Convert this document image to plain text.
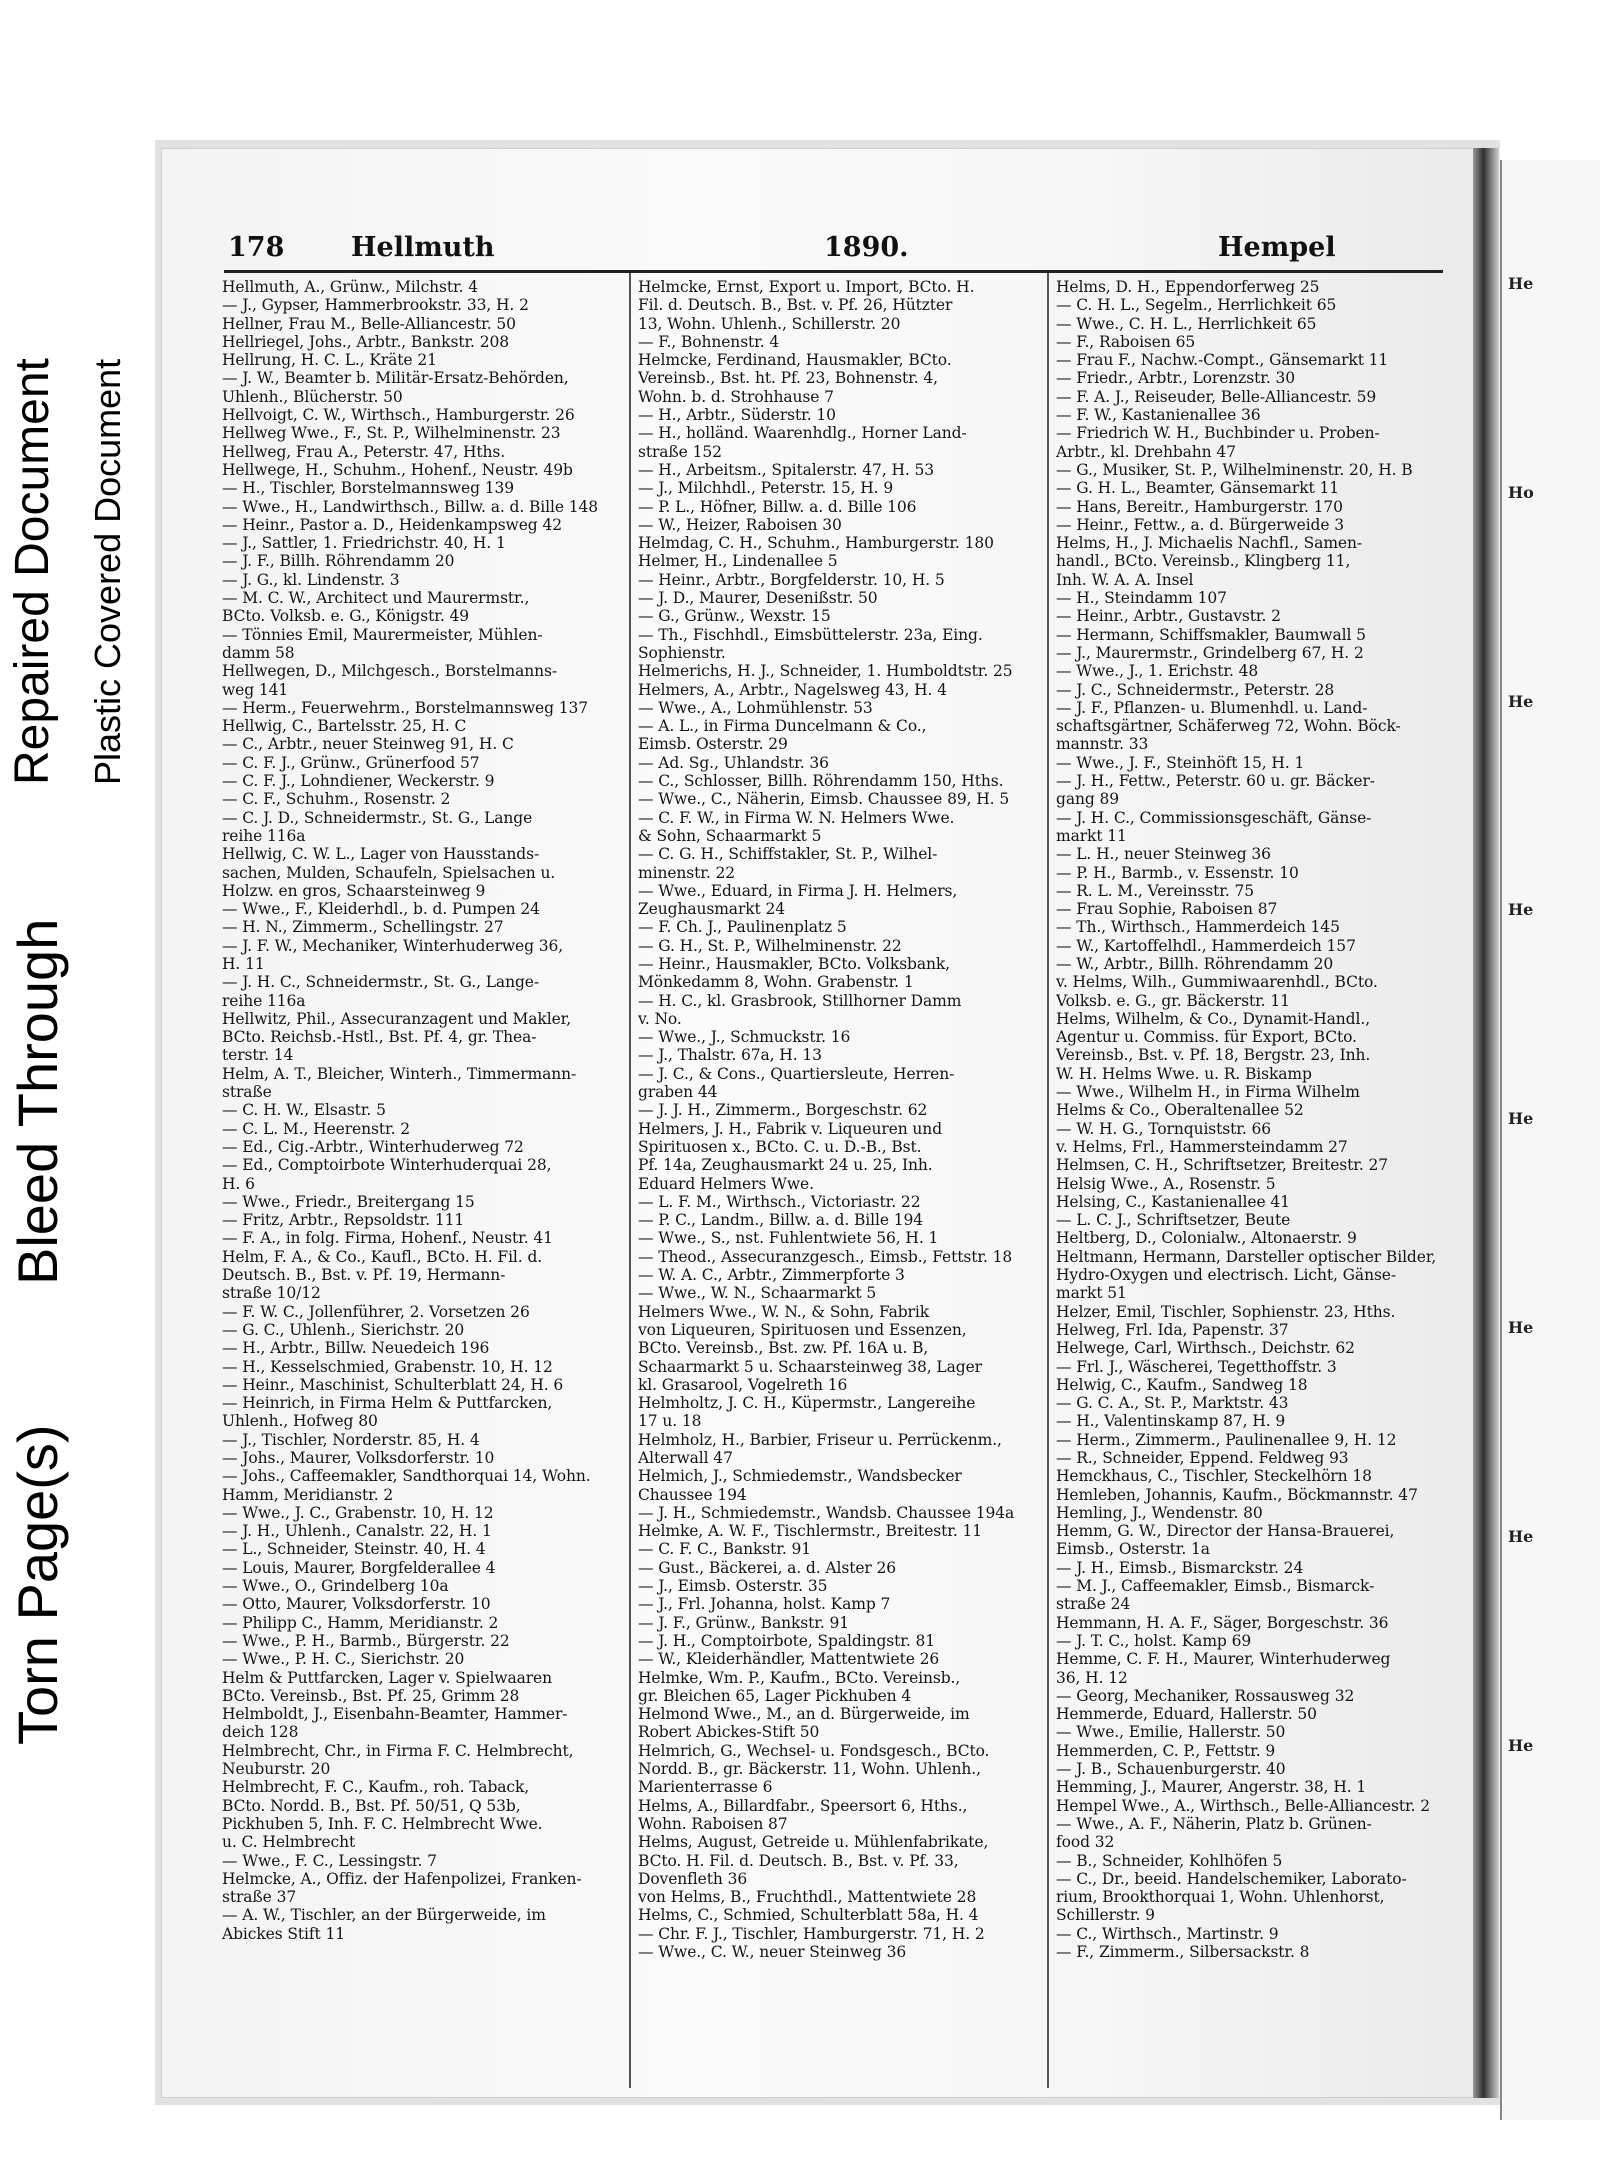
Torn Page(s)
Bleed Through
Repaired Document Plastic Covered Document
178 Hellmuth	1890.	Hempel
Hellmuth, A., Grünw., Milchstr. 4
— J., Gypser, Hammerbrookstr. 33, H. 2
Hellner, Frau M., Belle-Alliancestr. 50
Hellriegel, Johs., Arbtr., Bankstr. 208
Hellrung, H. C. L., Kräte 21
— J. W., Beamter b. Militär-Ersatz-Behörden,
Uhlenh., Blücherstr. 50
Hellvoigt, C. W., Wirthsch., Hamburgerstr. 26
Hellweg Wwe., F., St. P., Wilhelminenstr. 23
Hellweg, Frau A., Peterstr. 47, Hths.
Hellwege, H., Schuhm., Hohenf., Neustr. 49b
— H., Tischler, Borstelmannsweg 139
— Wwe., H., Landwirthsch., Billw. a. d. Bille 148
— Heinr., Pastor a. D., Heidenkampsweg 42
— J., Sattler, 1. Friedrichstr. 40, H. 1
— J. F., Billh. Röhrendamm 20
— J. G., kl. Lindenstr. 3
— M. C. W., Architect und Maurermstr.,
BCto. Volksb. e. G., Königstr. 49
— Tönnies Emil, Maurermeister, Mühlen-
damm 58
Hellwegen, D., Milchgesch., Borstelmanns-
weg 141
— Herm., Feuerwehrm., Borstelmannsweg 137
Hellwig, C., Bartelsstr. 25, H. C
— C., Arbtr., neuer Steinweg 91, H. C
— C. F. J., Grünw., Grünerfood 57
— C. F. J., Lohndiener, Weckerstr. 9
— C. F., Schuhm., Rosenstr. 2
— C. J. D., Schneidermstr., St. G., Lange
reihe 116a
Hellwig, C. W. L., Lager von Hausstands-
sachen, Mulden, Schaufeln, Spielsachen u.
Holzw. en gros, Schaarsteinweg 9
— Wwe., F., Kleiderhdl., b. d. Pumpen 24
— H. N., Zimmerm., Schellingstr. 27
— J. F. W., Mechaniker, Winterhuderweg 36,
H. 11
— J. H. C., Schneidermstr., St. G., Lange-
reihe 116a
Hellwitz, Phil., Assecuranzagent und Makler,
BCto. Reichsb.-Hstl., Bst. Pf. 4, gr. Thea-
terstr. 14
Helm, A. T., Bleicher, Winterh., Timmermann-
straße
— C. H. W., Elsastr. 5
— C. L. M., Heerenstr. 2
— Ed., Cig.-Arbtr., Winterhuderweg 72
— Ed., Comptoirbote Winterhuderquai 28,
H. 6
— Wwe., Friedr., Breitergang 15
— Fritz, Arbtr., Repsoldstr. 111
— F. A., in folg. Firma, Hohenf., Neustr. 41
Helm, F. A., & Co., Kaufl., BCto. H. Fil. d.
Deutsch. B., Bst. v. Pf. 19, Hermann-
straße 10/12
— F. W. C., Jollenführer, 2. Vorsetzen 26
— G. C., Uhlenh., Sierichstr. 20
— H., Arbtr., Billw. Neuedeich 196
— H., Kesselschmied, Grabenstr. 10, H. 12
— Heinr., Maschinist, Schulterblatt 24, H. 6
— Heinrich, in Firma Helm & Puttfarcken,
Uhlenh., Hofweg 80
— J., Tischler, Norderstr. 85, H. 4
— Johs., Maurer, Volksdorferstr. 10
— Johs., Caffeemakler, Sandthorquai 14, Wohn.
Hamm, Meridianstr. 2
— Wwe., J. C., Grabenstr. 10, H. 12
— J. H., Uhlenh., Canalstr. 22, H. 1
— L., Schneider, Steinstr. 40, H. 4
— Louis, Maurer, Borgfelderallee 4
— Wwe., O., Grindelberg 10a
— Otto, Maurer, Volksdorferstr. 10
— Philipp C., Hamm, Meridianstr. 2
— Wwe., P. H., Barmb., Bürgerstr. 22
— Wwe., P. H. C., Sierichstr. 20
Helm & Puttfarcken, Lager v. Spielwaaren
BCto. Vereinsb., Bst. Pf. 25, Grimm 28
Helmboldt, J., Eisenbahn-Beamter, Hammer-
deich 128
Helmbrecht, Chr., in Firma F. C. Helmbrecht,
Neuburstr. 20
Helmbrecht, F. C., Kaufm., roh. Taback,
BCto. Nordd. B., Bst. Pf. 50/51, Q 53b,
Pickhuben 5, Inh. F. C. Helmbrecht Wwe.
u. C. Helmbrecht
— Wwe., F. C., Lessingstr. 7
Helmcke, A., Offiz. der Hafenpolizei, Franken-
straße 37
— A. W., Tischler, an der Bürgerweide, im
Abickes Stift 11
Helmcke, Ernst, Export u. Import, BCto. H.
Fil. d. Deutsch. B., Bst. v. Pf. 26, Hützter
13, Wohn. Uhlenh., Schillerstr. 20
— F., Bohnenstr. 4
Helmcke, Ferdinand, Hausmakler, BCto.
Vereinsb., Bst. ht. Pf. 23, Bohnenstr. 4,
Wohn. b. d. Strohhause 7
— H., Arbtr., Süderstr. 10
— H., holländ. Waarenhdlg., Horner Land-
straße 152
— H., Arbeitsm., Spitalerstr. 47, H. 53
— J., Milchhdl., Peterstr. 15, H. 9
— P. L., Höfner, Billw. a. d. Bille 106
— W., Heizer, Raboisen 30
Helmdag, C. H., Schuhm., Hamburgerstr. 180
Helmer, H., Lindenallee 5
— Heinr., Arbtr., Borgfelderstr. 10, H. 5
— J. D., Maurer, Desenißstr. 50
— G., Grünw., Wexstr. 15
— Th., Fischhdl., Eimsbüttelerstr. 23a, Eing.
Sophienstr.
Helmerichs, H. J., Schneider, 1. Humboldtstr. 25
Helmers, A., Arbtr., Nagelsweg 43, H. 4
— Wwe., A., Lohmühlenstr. 53
— A. L., in Firma Duncelmann & Co.,
Eimsb. Osterstr. 29
— Ad. Sg., Uhlandstr. 36
— C., Schlosser, Billh. Röhrendamm 150, Hths.
— Wwe., C., Näherin, Eimsb. Chaussee 89, H. 5
— C. F. W., in Firma W. N. Helmers Wwe.
& Sohn, Schaarmarkt 5
— C. G. H., Schiffstakler, St. P., Wilhel-
minenstr. 22
— Wwe., Eduard, in Firma J. H. Helmers,
Zeughausmarkt 24
— F. Ch. J., Paulinenplatz 5
— G. H., St. P., Wilhelminenstr. 22
— Heinr., Hausmakler, BCto. Volksbank,
Mönkedamm 8, Wohn. Grabenstr. 1
— H. C., kl. Grasbrook, Stillhorner Damm
v. No.
— Wwe., J., Schmuckstr. 16
— J., Thalstr. 67a, H. 13
— J. C., & Cons., Quartiersleute, Herren-
graben 44
— J. J. H., Zimmerm., Borgeschstr. 62
Helmers, J. H., Fabrik v. Liqueuren und
Spirituosen x., BCto. C. u. D.-B., Bst.
Pf. 14a, Zeughausmarkt 24 u. 25, Inh.
Eduard Helmers Wwe.
— L. F. M., Wirthsch., Victoriastr. 22
— P. C., Landm., Billw. a. d. Bille 194
— Wwe., S., nst. Fuhlentwiete 56, H. 1
— Theod., Assecuranzgesch., Eimsb., Fettstr. 18
— W. A. C., Arbtr., Zimmerpforte 3
— Wwe., W. N., Schaarmarkt 5
Helmers Wwe., W. N., & Sohn, Fabrik
von Liqueuren, Spirituosen und Essenzen,
BCto. Vereinsb., Bst. zw. Pf. 16A u. B,
Schaarmarkt 5 u. Schaarsteinweg 38, Lager
kl. Grasarool, Vogelreth 16
Helmholtz, J. C. H., Küpermstr., Langereihe
17 u. 18
Helmholz, H., Barbier, Friseur u. Perrückenm.,
Alterwall 47
Helmich, J., Schmiedemstr., Wandsbecker
Chaussee 194
— J. H., Schmiedemstr., Wandsb. Chaussee 194a
Helmke, A. W. F., Tischlermstr., Breitestr. 11
— C. F. C., Bankstr. 91
— Gust., Bäckerei, a. d. Alster 26
— J., Eimsb. Osterstr. 35
— J., Frl. Johanna, holst. Kamp 7
— J. F., Grünw., Bankstr. 91
— J. H., Comptoirbote, Spaldingstr. 81
— W., Kleiderhändler, Mattentwiete 26
Helmke, Wm. P., Kaufm., BCto. Vereinsb.,
gr. Bleichen 65, Lager Pickhuben 4
Helmond Wwe., M., an d. Bürgerweide, im
Robert Abickes-Stift 50
Helmrich, G., Wechsel- u. Fondsgesch., BCto.
Nordd. B., gr. Bäckerstr. 11, Wohn. Uhlenh.,
Marienterrasse 6
Helms, A., Billardfabr., Speersort 6, Hths.,
Wohn. Raboisen 87
Helms, August, Getreide u. Mühlenfabrikate,
BCto. H. Fil. d. Deutsch. B., Bst. v. Pf. 33,
Dovenfleth 36
von Helms, B., Fruchthdl., Mattentwiete 28
Helms, C., Schmied, Schulterblatt 58a, H. 4
— Chr. F. J., Tischler, Hamburgerstr. 71, H. 2
— Wwe., C. W., neuer Steinweg 36
Helms, D. H., Eppendorferweg 25
— C. H. L., Segelm., Herrlichkeit 65
— Wwe., C. H. L., Herrlichkeit 65
— F., Raboisen 65
— Frau F., Nachw.-Compt., Gänsemarkt 11
— Friedr., Arbtr., Lorenzstr. 30
— F. A. J., Reiseuder, Belle-Alliancestr. 59
— F. W., Kastanienallee 36
— Friedrich W. H., Buchbinder u. Proben-
Arbtr., kl. Drehbahn 47
— G., Musiker, St. P., Wilhelminenstr. 20, H. B
— G. H. L., Beamter, Gänsemarkt 11
— Hans, Bereitr., Hamburgerstr. 170
— Heinr., Fettw., a. d. Bürgerweide 3
Helms, H., J. Michaelis Nachfl., Samen-
handl., BCto. Vereinsb., Klingberg 11,
Inh. W. A. A. Insel
— H., Steindamm 107
— Heinr., Arbtr., Gustavstr. 2
— Hermann, Schiffsmakler, Baumwall 5
— J., Maurermstr., Grindelberg 67, H. 2
— Wwe., J., 1. Erichstr. 48
— J. C., Schneidermstr., Peterstr. 28
— J. F., Pflanzen- u. Blumenhdl. u. Land-
schaftsgärtner, Schäferweg 72, Wohn. Böck-
mannstr. 33
— Wwe., J. F., Steinhöft 15, H. 1
— J. H., Fettw., Peterstr. 60 u. gr. Bäcker-
gang 89
— J. H. C., Commissionsgeschäft, Gänse-
markt 11
— L. H., neuer Steinweg 36
— P. H., Barmb., v. Essenstr. 10
— R. L. M., Vereinsstr. 75
— Frau Sophie, Raboisen 87
— Th., Wirthsch., Hammerdeich 145
— W., Kartoffelhdl., Hammerdeich 157
— W., Arbtr., Billh. Röhrendamm 20
v. Helms, Wilh., Gummiwaarenhdl., BCto.
Volksb. e. G., gr. Bäckerstr. 11
Helms, Wilhelm, & Co., Dynamit-Handl.,
Agentur u. Commiss. für Export, BCto.
Vereinsb., Bst. v. Pf. 18, Bergstr. 23, Inh.
W. H. Helms Wwe. u. R. Biskamp
— Wwe., Wilhelm H., in Firma Wilhelm
Helms & Co., Oberaltenallee 52
— W. H. G., Tornquiststr. 66
v. Helms, Frl., Hammersteindamm 27
Helmsen, C. H., Schriftsetzer, Breitestr. 27
Helsig Wwe., A., Rosenstr. 5
Helsing, C., Kastanienallee 41
— L. C. J., Schriftsetzer, Beute
Heltberg, D., Colonialw., Altonaerstr. 9
Heltmann, Hermann, Darsteller optischer Bilder,
Hydro-Oxygen und electrisch. Licht, Gänse-
markt 51
Helzer, Emil, Tischler, Sophienstr. 23, Hths.
Helweg, Frl. Ida, Papenstr. 37
Helwege, Carl, Wirthsch., Deichstr. 62
— Frl. J., Wäscherei, Tegetthoffstr. 3
Helwig, C., Kaufm., Sandweg 18
— G. C. A., St. P., Marktstr. 43
— H., Valentinskamp 87, H. 9
— Herm., Zimmerm., Paulinenallee 9, H. 12
— R., Schneider, Eppend. Feldweg 93
Hemckhaus, C., Tischler, Steckelhörn 18
Hemleben, Johannis, Kaufm., Böckmannstr. 47
Hemling, J., Wendenstr. 80
Hemm, G. W., Director der Hansa-Brauerei,
Eimsb., Osterstr. 1a
— J. H., Eimsb., Bismarckstr. 24
— M. J., Caffeemakler, Eimsb., Bismarck-
straße 24
Hemmann, H. A. F., Säger, Borgeschstr. 36
— J. T. C., holst. Kamp 69
Hemme, C. F. H., Maurer, Winterhuderweg
36, H. 12
— Georg, Mechaniker, Rossausweg 32
Hemmerde, Eduard, Hallerstr. 50
— Wwe., Emilie, Hallerstr. 50
Hemmerden, C. P., Fettstr. 9
— J. B., Schauenburgerstr. 40
Hemming, J., Maurer, Angerstr. 38, H. 1
Hempel Wwe., A., Wirthsch., Belle-Alliancestr. 2
— Wwe., A. F., Näherin, Platz b. Grünen-
food 32
— B., Schneider, Kohlhöfen 5
— C., Dr., beeid. Handelschemiker, Laborato-
rium, Brookthorquai 1, Wohn. Uhlenhorst,
Schillerstr. 9
— C., Wirthsch., Martinstr. 9
— F., Zimmerm., Silbersackstr. 8
He
Ho
He
He
He
He
He
He
